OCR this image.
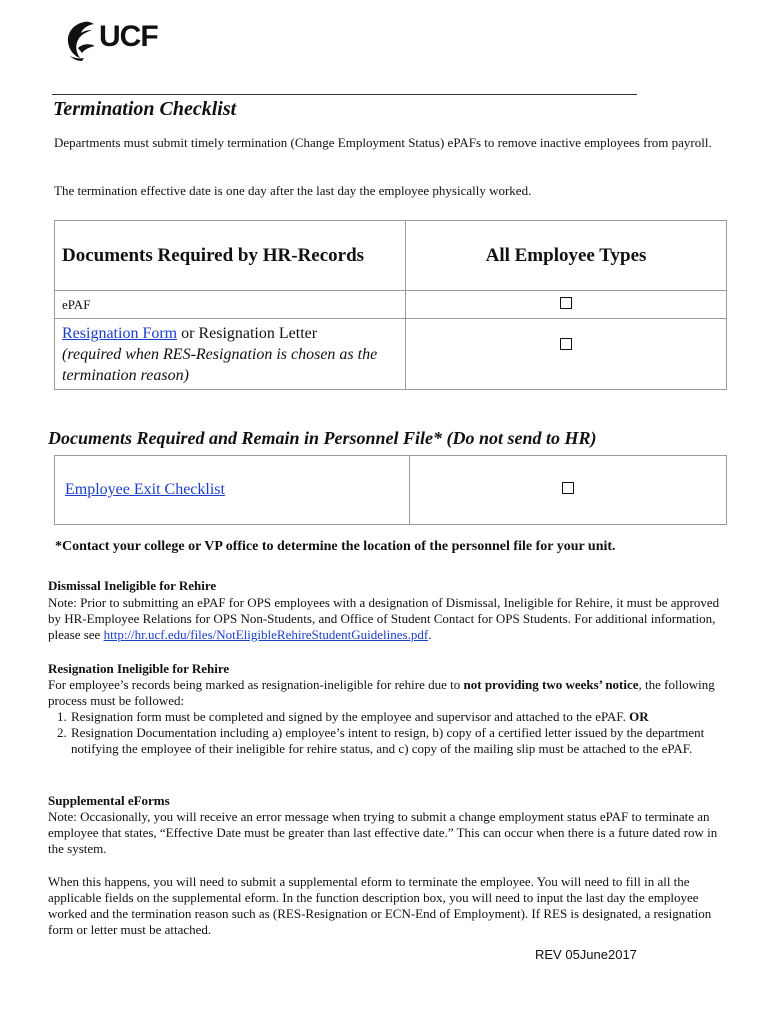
UCF
Termination Checklist
Departments must submit timely termination (Change Employment Status) ePAFs to remove inactive employees from payroll.
The termination effective date is one day after the last day the employee physically worked.
Documents Required by HR-Records	All Employee Types
ePAF	
Resignation Form or Resignation Letter
(required when RES-Resignation is chosen as the termination reason)	
Documents Required and Remain in Personnel File* (Do not send to HR)
Employee Exit Checklist	
*Contact your college or VP office to determine the location of the personnel file for your unit.
Dismissal Ineligible for Rehire
Note: Prior to submitting an ePAF for OPS employees with a designation of Dismissal, Ineligible for Rehire, it must be approved by HR-Employee Relations for OPS Non-Students, and Office of Student Contact for OPS Students. For additional information, please see http://hr.ucf.edu/files/NotEligibleRehireStudentGuidelines.pdf.
Resignation Ineligible for Rehire
For employee’s records being marked as resignation-ineligible for rehire due to not providing two weeks’ notice, the following process must be followed:
1. Resignation form must be completed and signed by the employee and supervisor and attached to the ePAF. OR
2. Resignation Documentation including a) employee’s intent to resign, b) copy of a certified letter issued by the department notifying the employee of their ineligible for rehire status, and c) copy of the mailing slip must be attached to the ePAF.
Supplemental eForms
Note: Occasionally, you will receive an error message when trying to submit a change employment status ePAF to terminate an employee that states, “Effective Date must be greater than last effective date.” This can occur when there is a future dated row in the system.
When this happens, you will need to submit a supplemental eform to terminate the employee. You will need to fill in all the applicable fields on the supplemental eform. In the function description box, you will need to input the last day the employee worked and the termination reason such as (RES-Resignation or ECN-End of Employment). If RES is designated, a resignation form or letter must be attached.
REV 05June2017
